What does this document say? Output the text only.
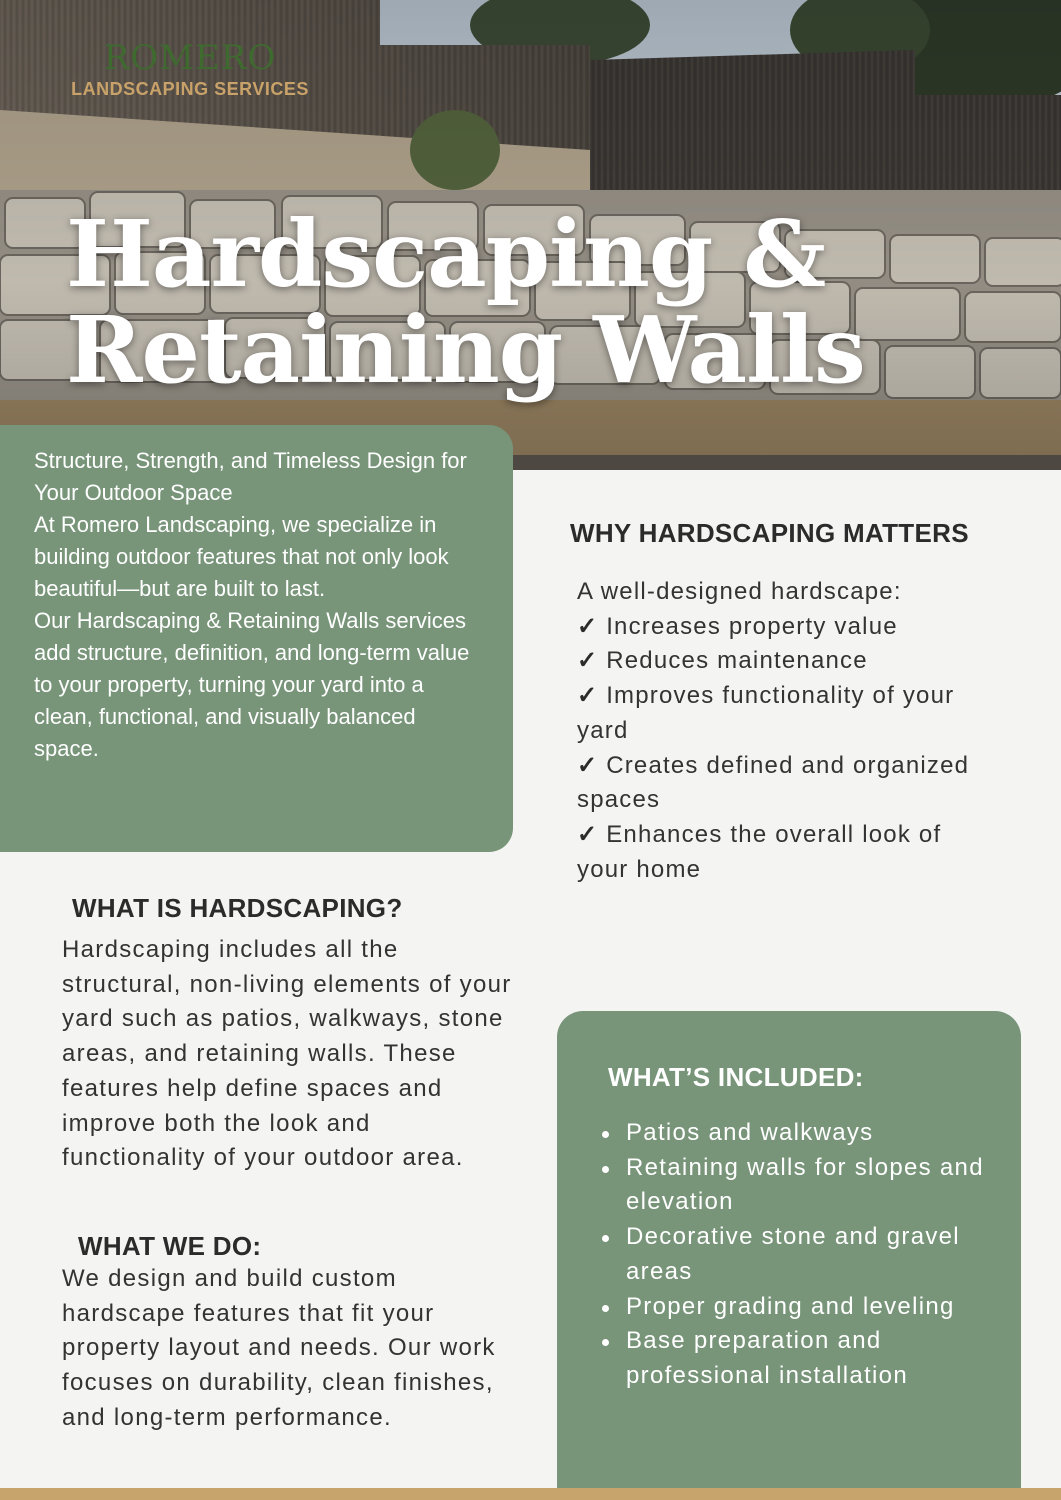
ROMERO
LANDSCAPING SERVICES
Hardscaping &
Retaining Walls

Structure, Strength, and Timeless Design for Your Outdoor Space

At Romero Landscaping, we specialize in building outdoor features that not only look beautiful—but are built to last.

Our Hardscaping & Retaining Walls services add structure, definition, and long-term value to your property, turning your yard into a clean, functional, and visually balanced space.

WHY HARDSCAPING MATTERS
A well-designed hardscape:
✓ Increases property value
✓ Reduces maintenance
✓ Improves functionality of your yard
✓ Creates defined and organized spaces
✓ Enhances the overall look of your home
WHAT IS HARDSCAPING?

Hardscaping includes all the structural, non-living elements of your yard such as patios, walkways, stone areas, and retaining walls. These features help define spaces and improve both the look and functionality of your outdoor area.

WHAT WE DO:

We design and build custom hardscape features that fit your property layout and needs. Our work focuses on durability, clean finishes, and long-term performance.

WHAT’S INCLUDED:
Patios and walkways
Retaining walls for slopes and elevation
Decorative stone and gravel areas
Proper grading and leveling
Base preparation and professional installation
